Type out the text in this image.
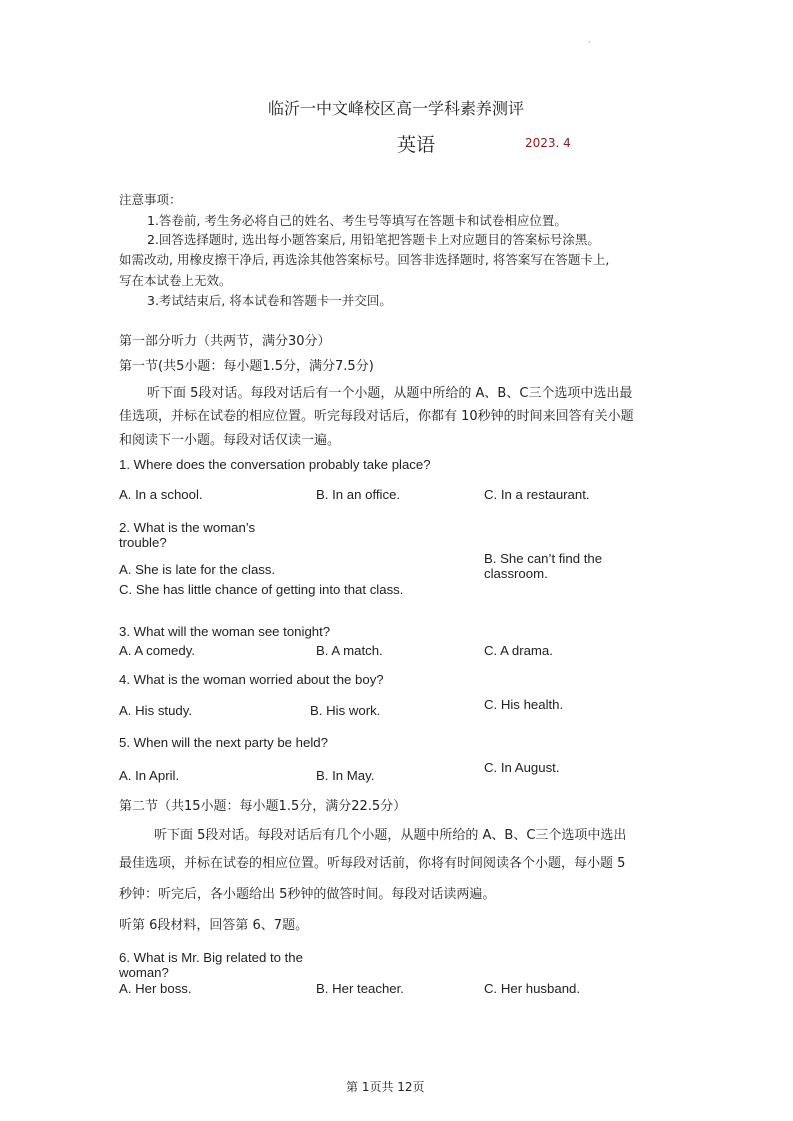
·
临沂一中文峰校区高一学科素养测评
英语	2023. 4
注意事项：
1.答卷前, 考生务必将自己的姓名、考生号等填写在答题卡和试卷相应位置。
2.回答选择题时, 选出每小题答案后, 用铅笔把答题卡上对应题目的答案标号涂黑。
如需改动, 用橡皮擦干净后, 再选涂其他答案标号。回答非选择题时, 将答案写在答题卡上,
写在本试卷上无效。
3.考试结束后, 将本试卷和答题卡一并交回。
第一部分听力（共两节，满分30分）
第一节(共5小题：每小题1.5分，满分7.5分)
听下面 5段对话。每段对话后有一个小题，从题中所给的 A、B、C三个选项中选出最
佳选项，并标在试卷的相应位置。听完每段对话后，你都有 10秒钟的时间来回答有关小题
和阅读下一小题。每段对话仅读一遍。
1. Where does the conversation probably take place?
A. In a school.	B. In an office.	C. In a restaurant.
2. What is the woman’s trouble?
B. She can’t find the classroom.
A. She is late for the class.
C. She has little chance of getting into that class.
3. What will the woman see tonight?
A. A comedy.	B. A match.	C. A drama.
4. What is the woman worried about the boy?
C. His health.
A. His study.	B. His work.
5. When will the next party be held?
C. In August.
A. In April.	B. In May.
第二节（共15小题：每小题1.5分，满分22.5分）
听下面 5段对话。每段对话后有几个小题，从题中所给的 A、B、C三个选项中选出
最佳选项，并标在试卷的相应位置。听每段对话前，你将有时间阅读各个小题，每小题 5
秒钟：听完后，各小题给出 5秒钟的做答时间。每段对话读两遍。
听第 6段材料，回答第 6、7题。
6. What is Mr. Big related to the woman?
A. Her boss.	B. Her teacher.	C. Her husband.
第 1页共 12页
